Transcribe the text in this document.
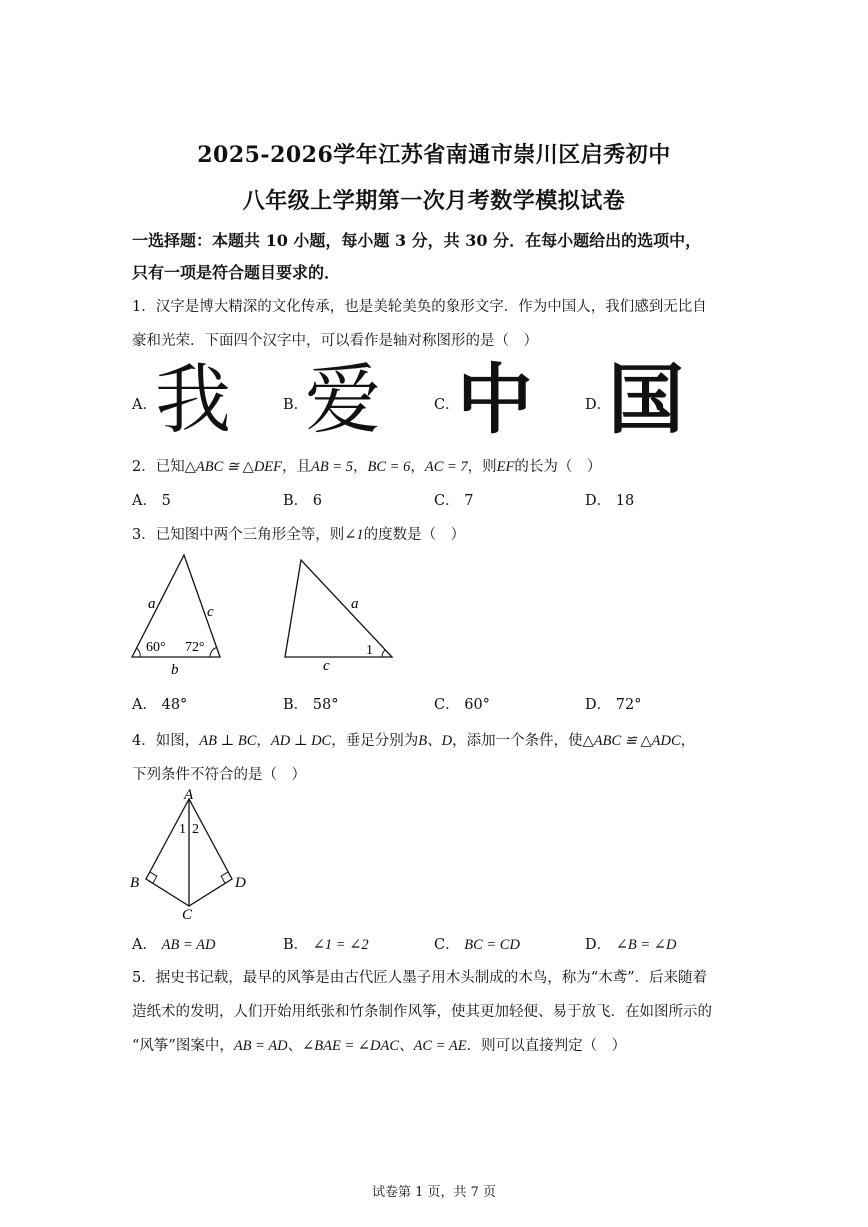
2025-2026学年江苏省南通市崇川区启秀初中
八年级上学期第一次月考数学模拟试卷
一选择题：本题共 10 小题，每小题 3 分，共 30 分．在每小题给出的选项中，
只有一项是符合题目要求的．
1．汉字是博大精深的文化传承，也是美轮美奂的象形文字．作为中国人，我们感到无比自
豪和光荣．下面四个汉字中，可以看作是轴对称图形的是（　）
A．
我	B．
爱	C．
中	D．
国
2．已知△ABC ≅ △DEF，且AB = 5，BC = 6，AC = 7，则EF的长为（　）
A． 5	B． 6	C． 7	D． 18
3．已知图中两个三角形全等，则∠1的度数是（　）
a	c
b
60° 72°
a
c
1
A． 48°	B． 58°	C． 60°	D． 72°
4．如图，AB ⊥ BC，AD ⊥ DC，垂足分别为B、D，添加一个条件，使△ABC ≌ △ADC，
下列条件不符合的是（　）
A
B
C
D
1 2
A． AB = AD	B． ∠1 = ∠2	C． BC = CD	D． ∠B = ∠D
5．据史书记载，最早的风筝是由古代匠人墨子用木头制成的木鸟，称为“木鸢”．后来随着
造纸术的发明，人们开始用纸张和竹条制作风筝，使其更加轻便、易于放飞．在如图所示的
“风筝”图案中，AB = AD、∠BAE = ∠DAC、AC = AE．则可以直接判定（　）
试卷第 1 页，共 7 页
